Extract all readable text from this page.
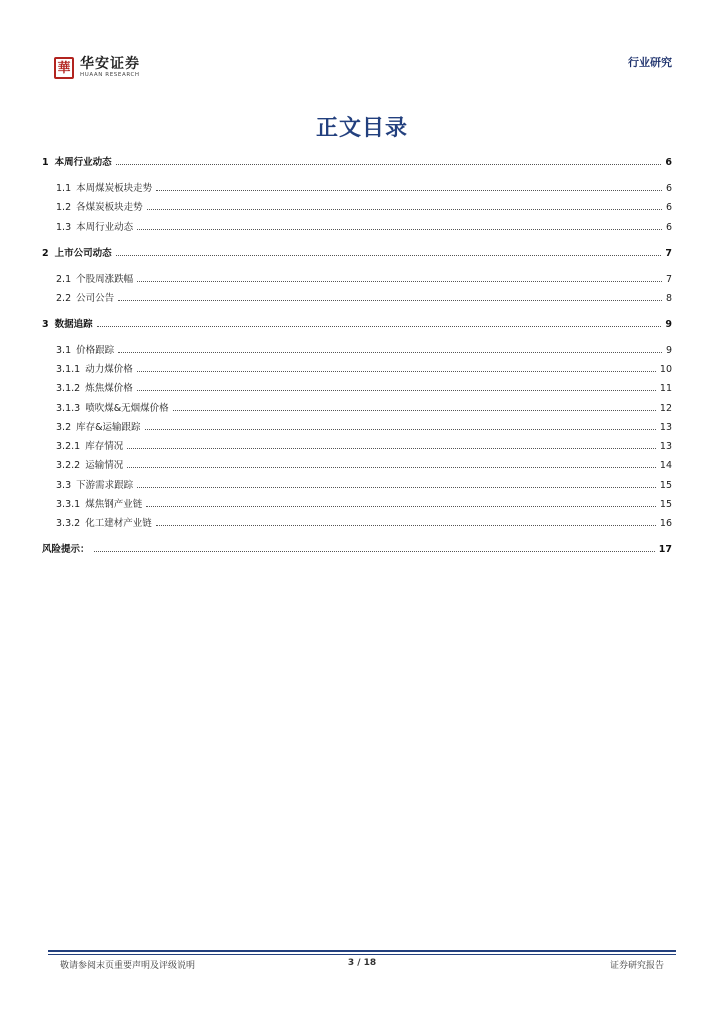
華 华安证券
HUAAN RESEARCH
行业研究
正文目录
1 本周行业动态	6
1.1 本周煤炭板块走势	6
1.2 各煤炭板块走势	6
1.3 本周行业动态	6
2 上市公司动态	7
2.1 个股周涨跌幅	7
2.2 公司公告	8
3 数据追踪	9
3.1 价格跟踪	9
3.1.1 动力煤价格	10
3.1.2 炼焦煤价格	11
3.1.3 喷吹煤&无烟煤价格	12
3.2 库存&运输跟踪	13
3.2.1 库存情况	13
3.2.2 运输情况	14
3.3 下游需求跟踪	15
3.3.1 煤焦钢产业链	15
3.3.2 化工建材产业链	16
风险提示：	17
敬请参阅末页重要声明及评级说明	3 / 18	证券研究报告
